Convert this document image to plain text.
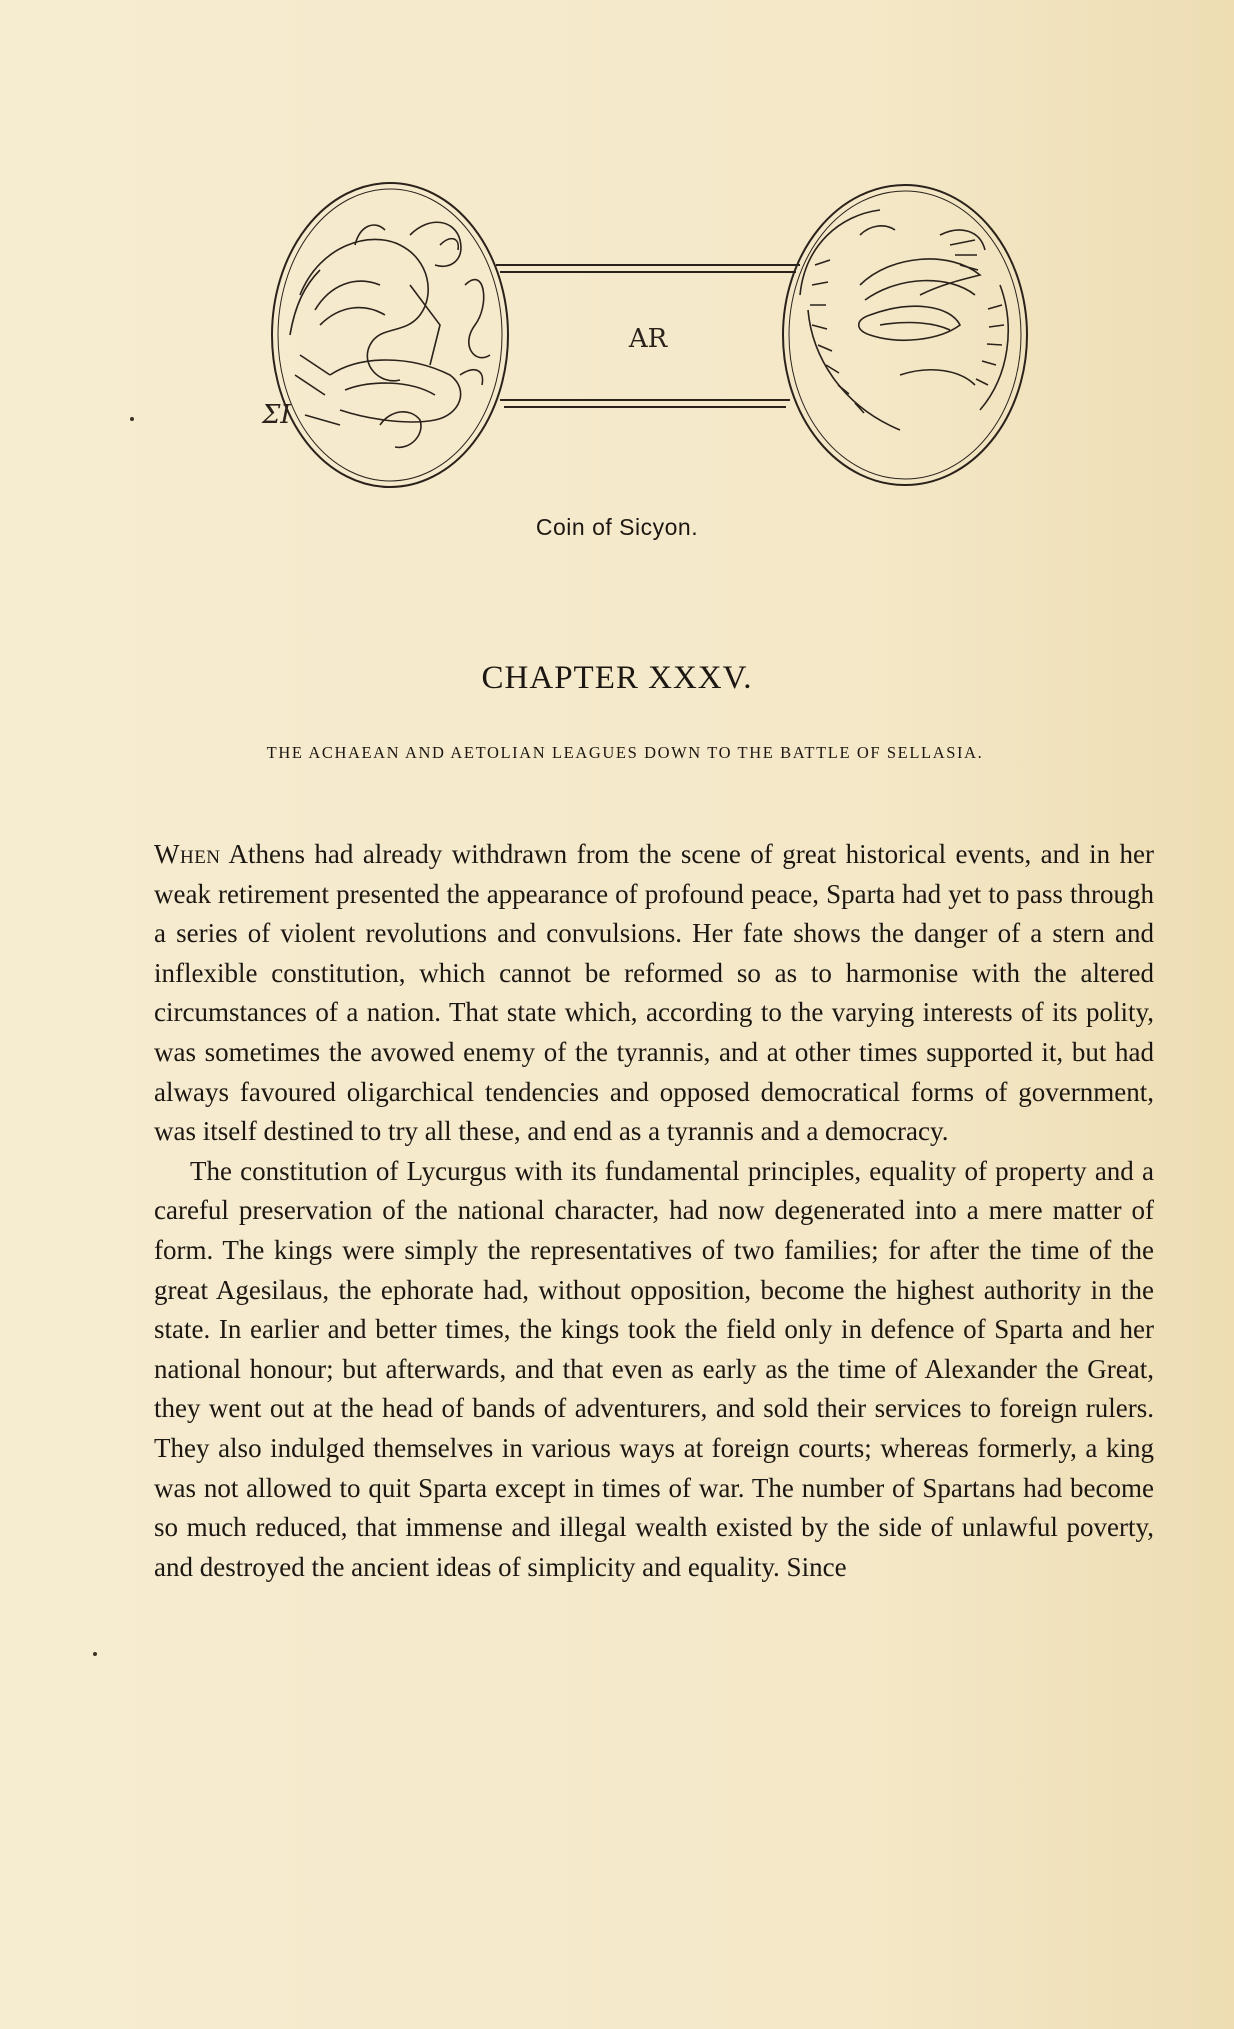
ΣΙ
AR
Coin of Sicyon.
CHAPTER XXXV.
THE ACHAEAN AND AETOLIAN LEAGUES DOWN TO THE BATTLE OF SELLASIA.

When Athens had already withdrawn from the scene of great historical events, and in her weak retirement presented the appearance of profound peace, Sparta had yet to pass through a series of violent revolutions and convulsions. Her fate shows the danger of a stern and inflexible constitution, which cannot be reformed so as to harmonise with the altered circumstances of a nation. That state which, according to the varying interests of its polity, was sometimes the avowed enemy of the tyrannis, and at other times supported it, but had always favoured oligarchical tendencies and opposed democratical forms of government, was itself destined to try all these, and end as a tyrannis and a democracy.

The constitution of Lycurgus with its fundamental principles, equality of property and a careful preservation of the national character, had now degenerated into a mere matter of form. The kings were simply the representatives of two families; for after the time of the great Agesilaus, the ephorate had, without opposition, become the highest authority in the state. In earlier and better times, the kings took the field only in defence of Sparta and her national honour; but afterwards, and that even as early as the time of Alexander the Great, they went out at the head of bands of adventurers, and sold their services to foreign rulers. They also indulged themselves in various ways at foreign courts; whereas formerly, a king was not allowed to quit Sparta except in times of war. The number of Spartans had become so much reduced, that immense and illegal wealth existed by the side of unlawful poverty, and destroyed the ancient ideas of simplicity and equality. Since
